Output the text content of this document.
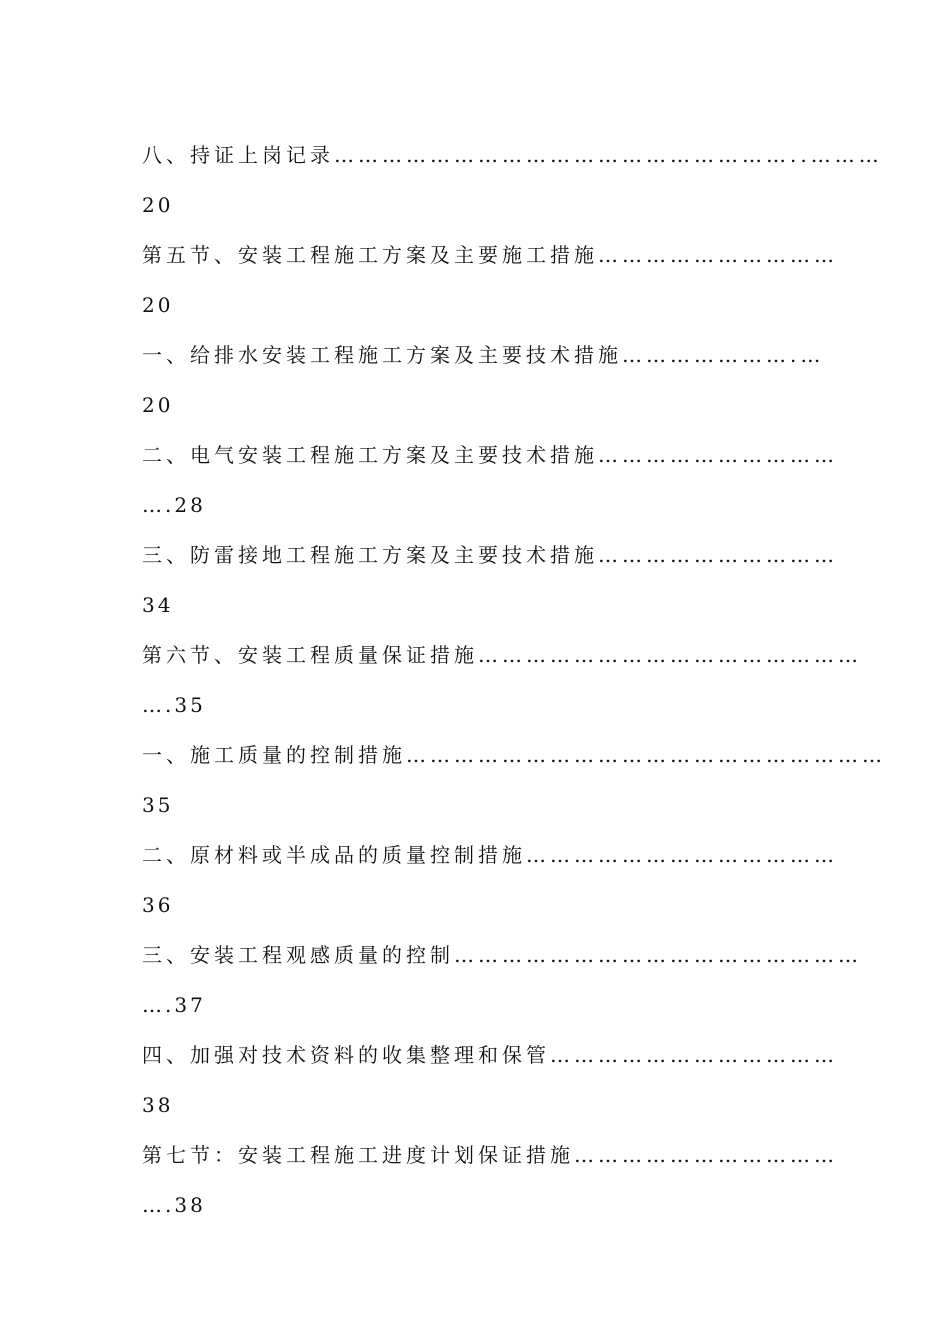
八、持证上岗记录…………………………………………………..………
20
第五节、安装工程施工方案及主要施工措施…………………………
20
一、给排水安装工程施工方案及主要技术措施………………….…
20
二、电气安装工程施工方案及主要技术措施…………………………
….28
三、防雷接地工程施工方案及主要技术措施…………………………
34
第六节、安装工程质量保证措施…………………………………………
….35
一、施工质量的控制措施……………………………………………………
35
二、原材料或半成品的质量控制措施…………………………………
36
三、安装工程观感质量的控制……………………………………………
….37
四、加强对技术资料的收集整理和保管………………………………
38
第七节：安装工程施工进度计划保证措施……………………………
….38
